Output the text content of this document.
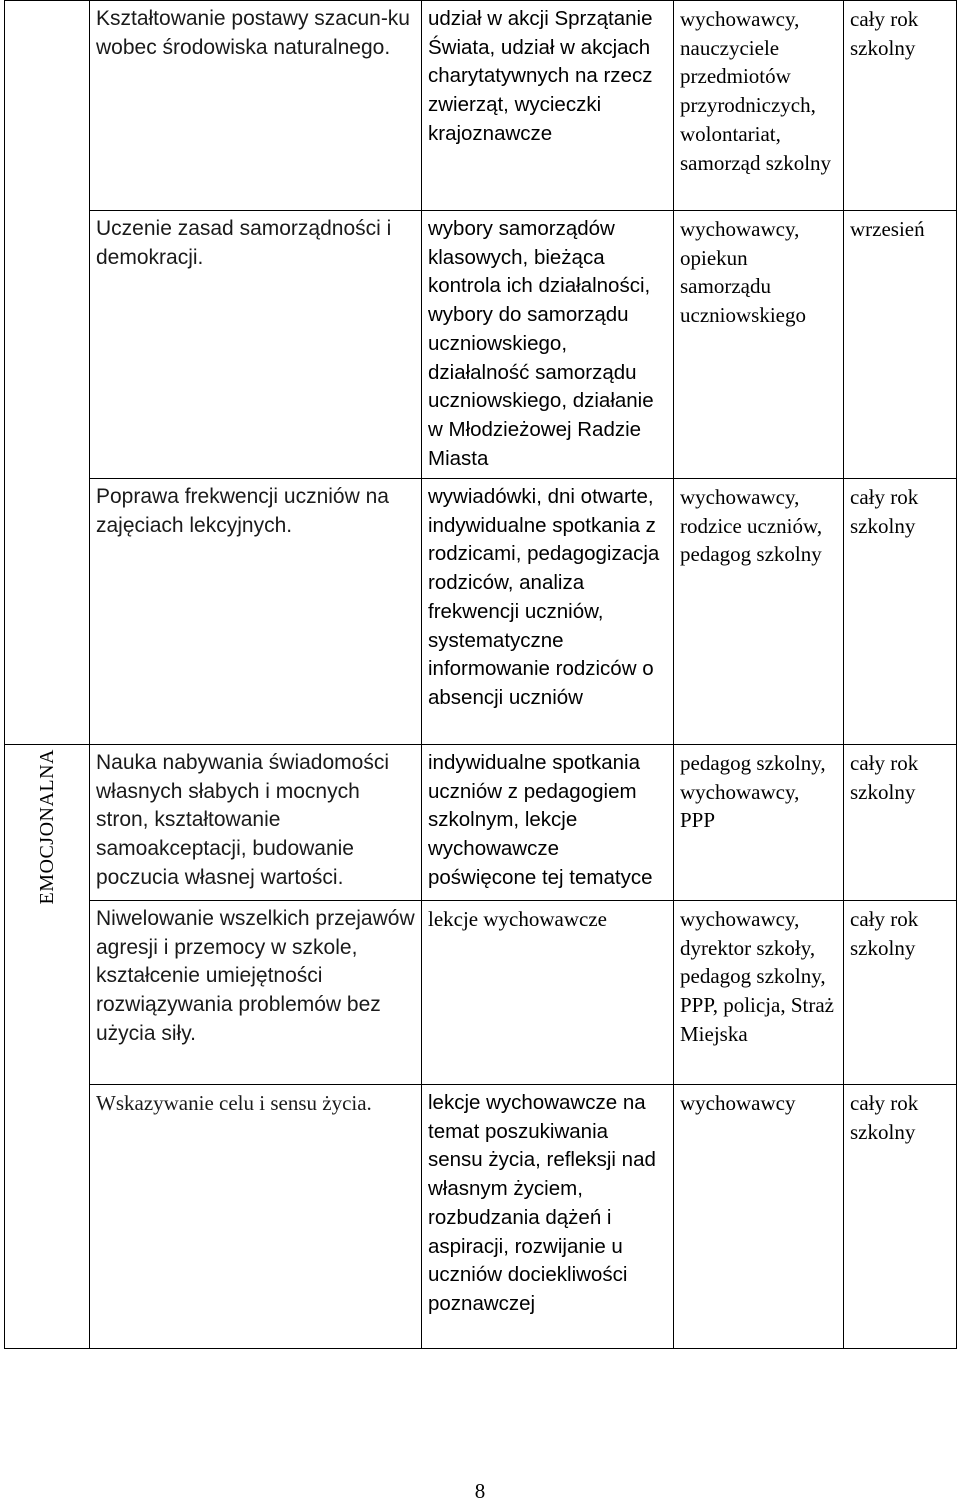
	Kształtowanie postawy szacun-ku wobec środowiska naturalnego.	udział w akcji Sprzątanie Świata, udział w akcjach charytatywnych na rzecz zwierząt, wycieczki krajoznawcze	wychowawcy, nauczyciele przedmiotów przyrodniczych, wolontariat, samorząd szkolny	cały rok szkolny
	Uczenie zasad samorządności i demokracji.	wybory samorządów klasowych, bieżąca kontrola ich działalności, wybory do samorządu uczniowskiego, działalność samorządu uczniowskiego, działanie w Młodzieżowej Radzie Miasta	wychowawcy, opiekun samorządu uczniowskiego	wrzesień
	Poprawa frekwencji uczniów na zajęciach lekcyjnych.	wywiadówki, dni otwarte, indywidualne spotkania z rodzicami, pedagogizacja rodziców, analiza frekwencji uczniów, systematyczne informowanie rodziców o absencji uczniów	wychowawcy, rodzice uczniów, pedagog szkolny	cały rok szkolny
EMOCJONALNA	Nauka nabywania świadomości własnych słabych i mocnych stron, kształtowanie samoakceptacji, budowanie poczucia własnej wartości.	indywidualne spotkania uczniów z pedagogiem szkolnym, lekcje wychowawcze poświęcone tej tematyce	pedagog szkolny, wychowawcy, PPP	cały rok szkolny
	Niwelowanie wszelkich przejawów agresji i przemocy w szkole, kształcenie umiejętności rozwiązywania problemów bez użycia siły.	lekcje wychowawcze	wychowawcy, dyrektor szkoły, pedagog szkolny, PPP, policja, Straż Miejska	cały rok szkolny
	Wskazywanie celu i sensu życia.	lekcje wychowawcze na temat poszukiwania sensu życia, refleksji nad własnym życiem, rozbudzania dążeń i aspiracji, rozwijanie u uczniów dociekliwości poznawczej	wychowawcy	cały rok szkolny
8
